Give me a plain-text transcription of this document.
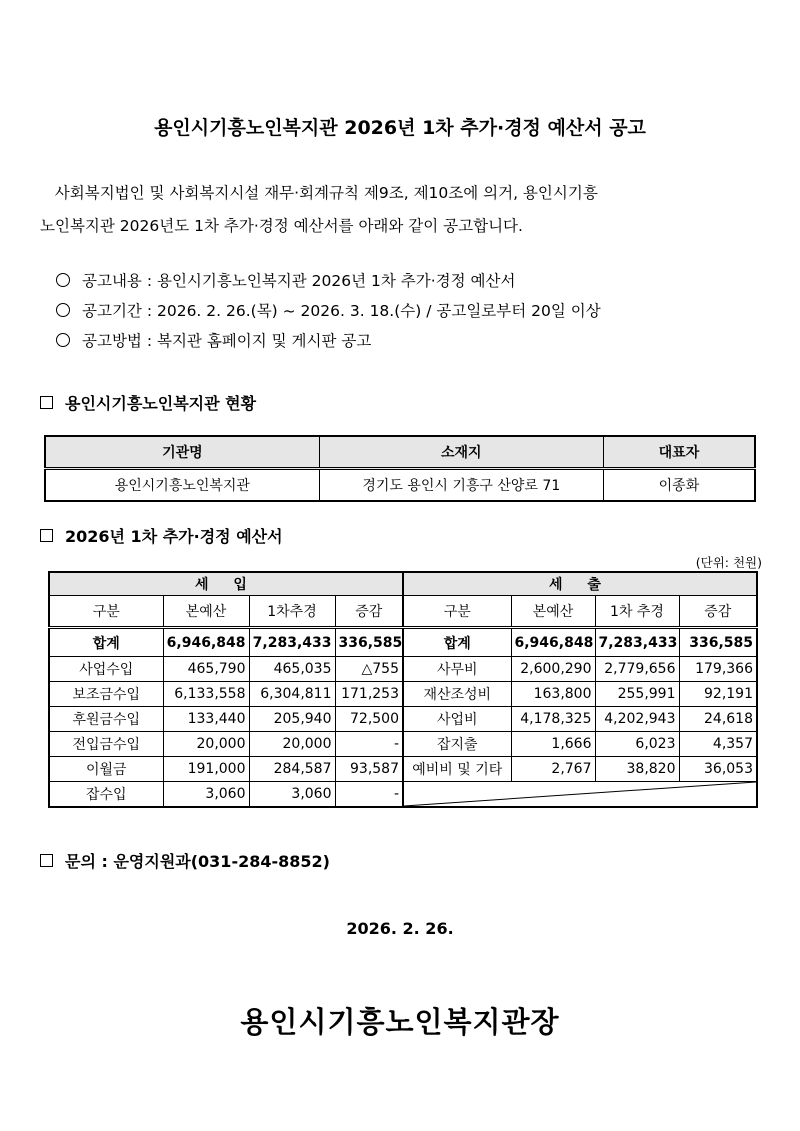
용인시기흥노인복지관 2026년 1차 추가·경정 예산서 공고

사회복지법인 및 사회복지시설 재무·회계규칙 제9조, 제10조에 의거, 용인시기흥

노인복지관 2026년도 1차 추가·경정 예산서를 아래와 같이 공고합니다.

공고내용 : 용인시기흥노인복지관 2026년 1차 추가·경정 예산서
공고기간 : 2026. 2. 26.(목) ~ 2026. 3. 18.(수) / 공고일로부터 20일 이상
공고방법 : 복지관 홈페이지 및 게시판 공고
용인시기흥노인복지관 현황
기관명	소재지	대표자
용인시기흥노인복지관	경기도 용인시 기흥구 산양로 71	이종화
2026년 1차 추가·경정 예산서
(단위: 천원)
세 입				세 출			
구분	본예산	1차추경	증감	구분	본예산	1차 추경	증감
합계	6,946,848	7,283,433	336,585	합계	6,946,848	7,283,433	336,585
사업수입	465,790	465,035	△755	사무비	2,600,290	2,779,656	179,366
보조금수입	6,133,558	6,304,811	171,253	재산조성비	163,800	255,991	92,191
후원금수입	133,440	205,940	72,500	사업비	4,178,325	4,202,943	24,618
전입금수입	20,000	20,000	-	잡지출	1,666	6,023	4,357
이월금	191,000	284,587	93,587	예비비 및 기타	2,767	38,820	36,053
잡수입	3,060	3,060	-	
문의 : 운영지원과(031-284-8852)
2026. 2. 26.
용인시기흥노인복지관장
